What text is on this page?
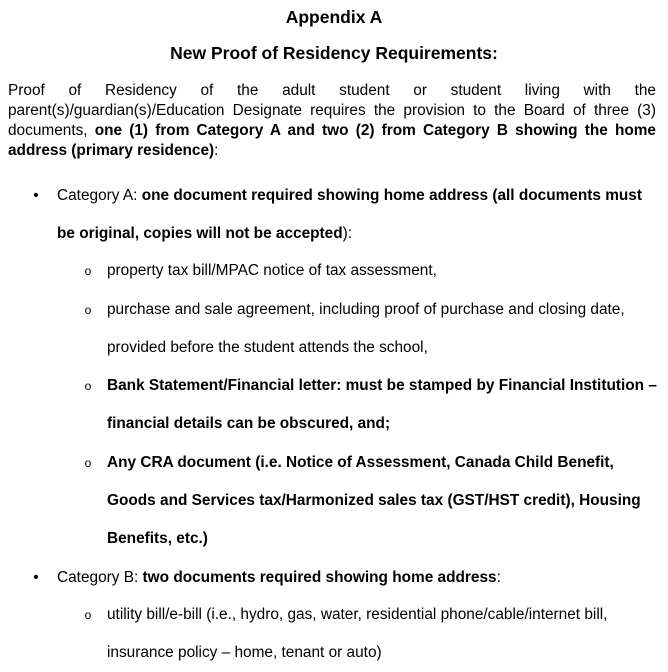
Appendix A
New Proof of Residency Requirements:

Proof of Residency of the adult student or student living with the parent(s)/guardian(s)/Education Designate requires the provision to the Board of three (3) documents, one (1) from Category A and two (2) from Category B showing the home address (primary residence):

• Category A: one document required showing home address (all documents must be original, copies will not be accepted):
o property tax bill/MPAC notice of tax assessment,
o purchase and sale agreement, including proof of purchase and closing date, provided before the student attends the school,
o Bank Statement/Financial letter: must be stamped by Financial Institution – financial details can be obscured, and;
o Any CRA document (i.e. Notice of Assessment, Canada Child Benefit, Goods and Services tax/Harmonized sales tax (GST/HST credit), Housing Benefits, etc.)
• Category B: two documents required showing home address:
o utility bill/e-bill (i.e., hydro, gas, water, residential phone/cable/internet bill, insurance policy – home, tenant or auto)
